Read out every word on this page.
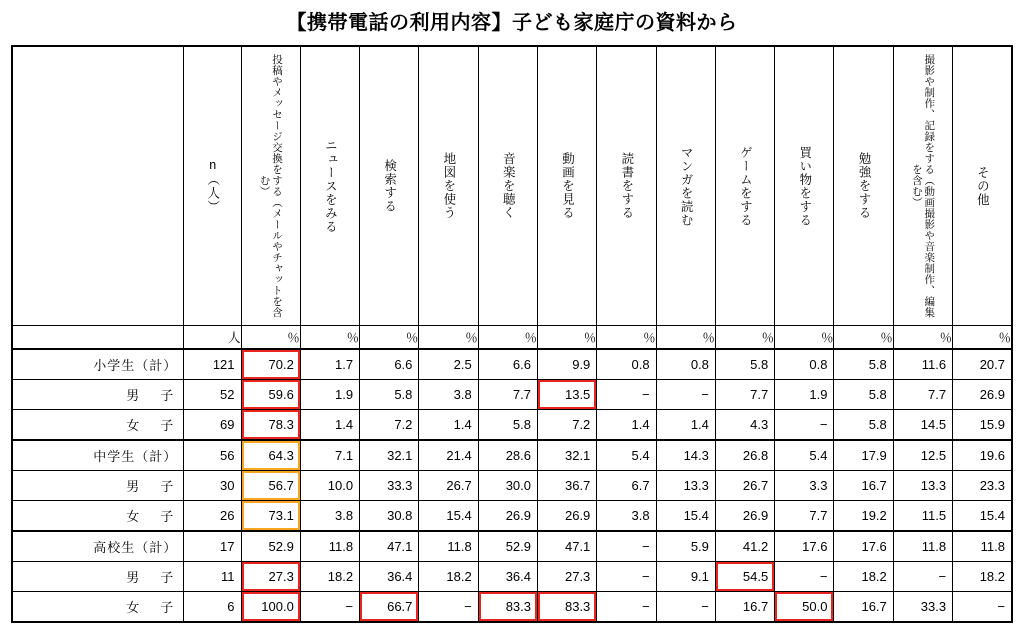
【携帯電話の利用内容】子ども家庭庁の資料から

	n（人）	投稿やメッセージ交換をする（メールやチャットを含む）	ニュースをみる	検索する	地図を使う	音楽を聴く	動画を見る	読書をする	マンガを読む	ゲームをする	買い物をする	勉強をする	撮影や制作、記録をする（動画撮影や音楽制作、編集を含む）	その他

	人	％	％	％	％	％	％	％	％	％	％	％	％	％
小学生（計）	121	70.2	1.7	6.6	2.5	6.6	9.9	0.8	0.8	5.8	0.8	5.8	11.6	20.7
男　子	52	59.6	1.9	5.8	3.8	7.7	13.5	−	−	7.7	1.9	5.8	7.7	26.9
女　子	69	78.3	1.4	7.2	1.4	5.8	7.2	1.4	1.4	4.3	−	5.8	14.5	15.9
中学生（計）	56	64.3	7.1	32.1	21.4	28.6	32.1	5.4	14.3	26.8	5.4	17.9	12.5	19.6
男　子	30	56.7	10.0	33.3	26.7	30.0	36.7	6.7	13.3	26.7	3.3	16.7	13.3	23.3
女　子	26	73.1	3.8	30.8	15.4	26.9	26.9	3.8	15.4	26.9	7.7	19.2	11.5	15.4
高校生（計）	17	52.9	11.8	47.1	11.8	52.9	47.1	−	5.9	41.2	17.6	17.6	11.8	11.8
男　子	11	27.3	18.2	36.4	18.2	36.4	27.3	−	9.1	54.5	−	18.2	−	18.2
女　子	6	100.0	−	66.7	−	83.3	83.3	−	−	16.7	50.0	16.7	33.3	−
